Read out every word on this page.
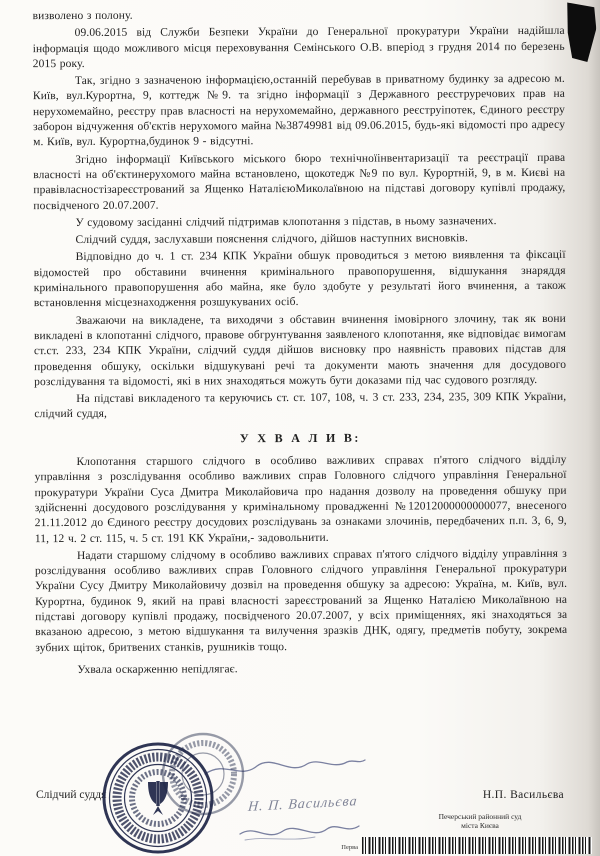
визволено з полону.

09.06.2015 від Служби Безпеки України до Генеральної прокуратури України надійшла інформація щодо можливого місця переховування Семінського О.В. вперіод з грудня 2014 по березень 2015 року.

Так, згідно з зазначеною інформацією,останній перебував в приватному будинку за адресою м. Київ, вул.Курортна, 9, коттедж №9. та згідно інформації з Державного реєструречових прав на нерухомемайно, реєстру прав власності на нерухомемайно, державного реєструіпотек, Єдиного реєстру заборон відчуження об'єктів нерухомого майна №38749981 від 09.06.2015, будь-які відомості про адресу м. Київ, вул. Курортна,будинок 9 - відсутні.

Згідно інформації Київського міського бюро технічноїінвентаризації та реєстрації права власності на об'єктинерухомого майна встановлено, щокотедж №9 по вул. Курортній, 9, в м. Києві на правівласностізареєстрований за Ященко НаталієюМиколаївною на підставі договору купівлі продажу, посвідченого 20.07.2007.

У судовому засіданні слідчий підтримав клопотання з підстав, в ньому зазначених.

Слідчий суддя, заслухавши пояснення слідчого, дійшов наступних висновків.

Відповідно до ч. 1 ст. 234 КПК України обшук проводиться з метою виявлення та фіксації відомостей про обставини вчинення кримінального правопорушення, відшукання знаряддя кримінального правопорушення або майна, яке було здобуте у результаті його вчинення, а також встановлення місцезнаходження розшукуваних осіб.

Зважаючи на викладене, та виходячи з обставин вчинення імовірного злочину, так як вони викладені в клопотанні слідчого, правове обгрунтування заявленого клопотання, яке відповідає вимогам ст.ст. 233, 234 КПК України, слідчий суддя дійшов висновку про наявність правових підстав для проведення обшуку, оскільки відшукувані речі та документи мають значення для досудового розслідування та відомості, які в них знаходяться можуть бути доказами під час судового розгляду.

На підставі викладеного та керуючись ст. ст. 107, 108, ч. 3 ст. 233, 234, 235, 309 КПК України, слідчий суддя,

У Х В А Л И В:

Клопотання старшого слідчого в особливо важливих справах п'ятого слідчого відділу управління з розслідування особливо важливих справ Головного слідчого управління Генеральної прокуратури України Суса Дмитра Миколайовича про надання дозволу на проведення обшуку при здійсненні досудового розслідування у кримінальному провадженні №12012000000000077, внесеного 21.11.2012 до Єдиного реєстру досудових розслідувань за ознаками злочинів, передбачених п.п. 3, 6, 9, 11, 12 ч. 2 ст. 115, ч. 5 ст. 191 КК України,- задовольнити.

Надати старшому слідчому в особливо важливих справах п'ятого слідчого відділу управління з розслідування особливо важливих справ Головного слідчого управління Генеральної прокуратури України Сусу Дмитру Миколайовичу дозвіл на проведення обшуку за адресою: Україна, м. Київ, вул. Курортна, будинок 9, який на праві власності зареєстрований за Ященко Наталією Миколаївною на підставі договору купівлі продажу, посвідченого 20.07.2007, у всіх приміщеннях, які знаходяться за вказаною адресою, з метою відшукання та вилучення зразків ДНК, одягу, предметів побуту, зокрема зубних щіток, бритвених станків, рушників тощо.

Ухвала оскарженню непідлягає.

Слідчий суддя	Н.П. Васильєва
Н. П. Васильєва
Печерський районний суд
міста Києва
Перва
